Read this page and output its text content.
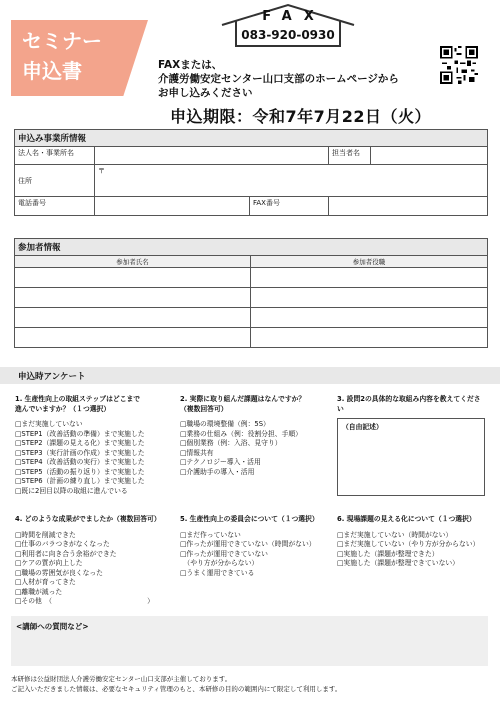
セミナー
申込書
FAX
083-920-0930
FAXまたは、
介護労働安定センター山口支部のホームページから
お申し込みください
申込期限：令和7年7月22日（火）
申込み事業所情報			
法人名・事業所名		担当者名	
住所	〒		
電話番号	FAX番号		

参加者情報	
参加者氏名	参加者役職

申込時アンケート
1. 生産性向上の取組ステップはどこまで
進んでいますか？（１つ選択）
□まだ実施していない
□STEP1（改善活動の準備）まで実施した
□STEP2（課題の見える化）まで実施した
□STEP3（実行計画の作成）まで実施した
□STEP4（改善活動の実行）まで実施した
□STEP5（活動の振り返り）まで実施した
□STEP6（計画の練り直し）まで実施した
□既に2回目以降の取組に進んでいる
2. 実際に取り組んだ課題はなんですか？
（複数回答可）
□職場の環境整備（例：5S）
□業務の仕組み（例：役割分担、手順）
□個別業務（例：入浴、見守り）
□情報共有
□テクノロジー導入・活用
□介護助手の導入・活用
3. 設問2の具体的な取組み内容を教えてくださ
い
（自由記述）
4. どのような成果がでましたか（複数回答可）
□時間を削減できた
□仕事のバラつきがなくなった
□利用者に向き合う余裕ができた
□ケアの質が向上した
□職場の雰囲気が良くなった
□人材が育ってきた
□離職が減った
□その他　（　　　　　　　　　　　　　　）
5. 生産性向上の委員会について（１つ選択）
□まだ作っていない
□作ったが運用できていない（時間がない）
□作ったが運用できていない
　（やり方が分からない）
□うまく運用できている
6. 現場課題の見える化について（１つ選択）
□まだ実施していない（時間がない）
□まだ実施していない（やり方が分からない）
□実施した（課題が整理できた）
□実施した（課題が整理できていない）
<講師への質問など>
本研修は公益財団法人介護労働安定センター山口支部が主催しております。
ご記入いただきました情報は、必要なセキュリティ管理のもと、本研修の目的の範囲内にて限定して利用します。
